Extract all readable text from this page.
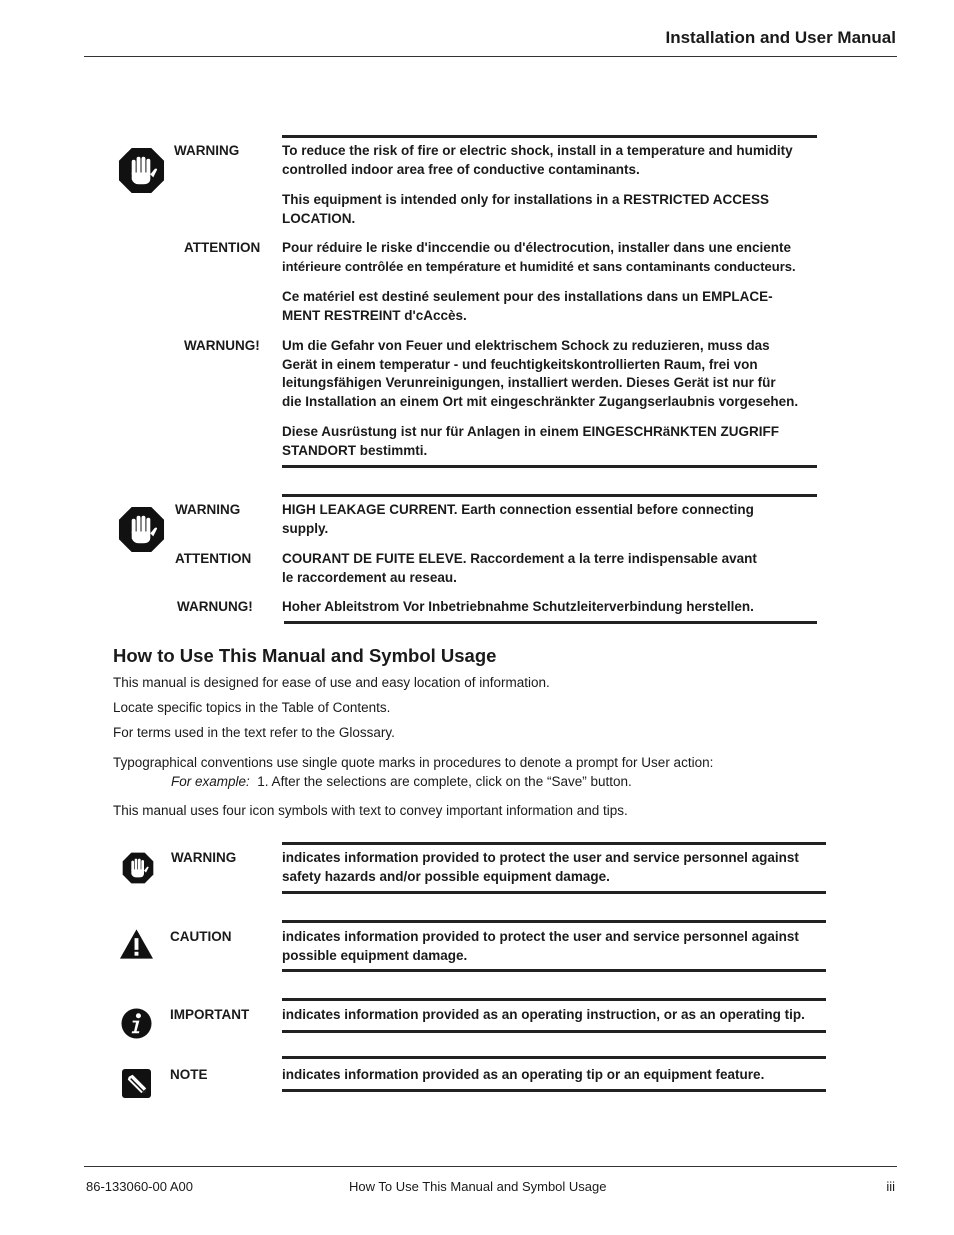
Installation and User Manual
WARNING	To reduce the risk of fire or electric shock, install in a temperature and humidity
controlled indoor area free of conductive contaminants.
This equipment is intended only for installations in a RESTRICTED ACCESS
LOCATION.
ATTENTION Pour réduire le riske d'inccendie ou d'électrocution, installer dans une enciente
intérieure contrôlée en température et humidité et sans contaminants conducteurs.
Ce matériel est destiné seulement pour des installations dans un EMPLACE-
MENT RESTREINT d'cAccès.
WARNUNG! Um die Gefahr von Feuer und elektrischem Schock zu reduzieren, muss das
Gerät in einem temperatur - und feuchtigkeitskontrollierten Raum, frei von
leitungsfähigen Verunreinigungen, installiert werden. Dieses Gerät ist nur für
die Installation an einem Ort mit eingeschränkter Zugangserlaubnis vorgesehen.
Diese Ausrüstung ist nur für Anlagen in einem EINGESCHRäNKTEN ZUGRIFF
STANDORT bestimmti.
WARNING	HIGH LEAKAGE CURRENT. Earth connection essential before connecting
supply.
ATTENTION COURANT DE FUITE ELEVE. Raccordement a la terre indispensable avant
le raccordement au reseau.
WARNUNG! Hoher Ableitstrom Vor Inbetriebnahme Schutzleiterverbindung herstellen.
How to Use This Manual and Symbol Usage
This manual is designed for ease of use and easy location of information.
Locate specific topics in the Table of Contents.
For terms used in the text refer to the Glossary.
Typographical conventions use single quote marks in procedures to denote a prompt for User action:
For example: 1. After the selections are complete, click on the “Save” button.
This manual uses four icon symbols with text to convey important information and tips.
WARNING	indicates information provided to protect the user and service personnel against
safety hazards and/or possible equipment damage.
CAUTION	indicates information provided to protect the user and service personnel against
possible equipment damage.
IMPORTANT indicates information provided as an operating instruction, or as an operating tip.
NOTE	indicates information provided as an operating tip or an equipment feature.
86-133060-00 A00	How To Use This Manual and Symbol Usage	iii
